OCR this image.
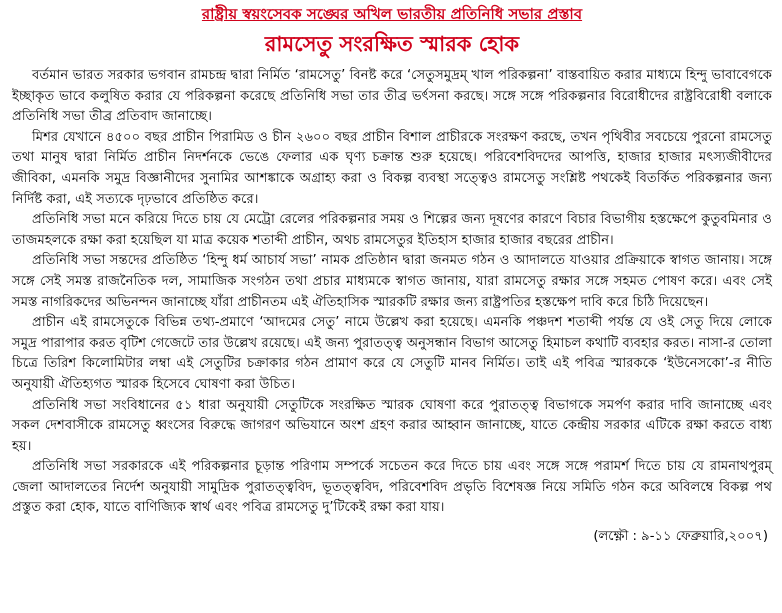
রাষ্ট্রীয় স্বয়ংসেবক সঙ্ঘের অখিল ভারতীয় প্রতিনিধি সভার প্রস্তাব
রামসেতু সংরক্ষিত স্মারক হোক

বর্তমান ভারত সরকার ভগবান রামচন্দ্র দ্বারা নির্মিত ‘রামসেতু’ বিনষ্ট করে ‘সেতুসমুদ্রম্ খাল পরিকল্পনা’ বাস্তবায়িত করার মাধ্যমে হিন্দু ভাবাবেগকে ইচ্ছাকৃত ভাবে কলুষিত করার যে পরিকল্পনা করেছে প্রতিনিধি সভা তার তীব্র ভর্ৎসনা করছে। সঙ্গে সঙ্গে পরিকল্পনার বিরোধীদের রাষ্ট্রবিরোধী বলাকে প্রতিনিধি সভা তীব্র প্রতিবাদ জানাচ্ছে।

মিশর যেখানে ৪৫০০ বছর প্রাচীন পিরামিড ও চীন ২৬০০ বছর প্রাচীন বিশাল প্রাচীরকে সংরক্ষণ করছে, তখন পৃথিবীর সবচেয়ে পুরনো রামসেতু তথা মানুষ দ্বারা নির্মিত প্রাচীন নিদর্শনকে ভেঙে ফেলার এক ঘৃণ্য চক্রান্ত শুরু হয়েছে। পরিবেশবিদদের আপত্তি, হাজার হাজার মৎস্যজীবীদের জীবিকা, এমনকি সমুদ্র বিজ্ঞানীদের সুনামির আশঙ্কাকে অগ্রাহ্য করা ও বিকল্প ব্যবস্থা সত্ত্বেও রামসেতু সংশ্লিষ্ট পথকেই বিতর্কিত পরিকল্পনার জন্য নির্দিষ্ট করা, এই সত্যকে দৃঢ়ভাবে প্রতিষ্ঠিত করে।

প্রতিনিধি সভা মনে করিয়ে দিতে চায় যে মেট্রো রেলের পরিকল্পনার সময় ও শিল্পের জন্য দূষণের কারণে বিচার বিভাগীয় হস্তক্ষেপে কুতুবমিনার ও তাজমহলকে রক্ষা করা হয়েছিল যা মাত্র কয়েক শতাব্দী প্রাচীন, অথচ রামসেতুর ইতিহাস হাজার হাজার বছরের প্রাচীন।

প্রতিনিধি সভা সন্তদের প্রতিষ্ঠিত ‘হিন্দু ধর্ম আচার্য সভা’ নামক প্রতিষ্ঠান দ্বারা জনমত গঠন ও আদালতে যাওয়ার প্রক্রিয়াকে স্বাগত জানায়। সঙ্গে সঙ্গে সেই সমস্ত রাজনৈতিক দল, সামাজিক সংগঠন তথা প্রচার মাধ্যমকে স্বাগত জানায়, যারা রামসেতু রক্ষার সঙ্গে সহমত পোষণ করে। এবং সেই সমস্ত নাগরিকদের অভিনন্দন জানাচ্ছে যাঁরা প্রাচীনতম এই ঐতিহাসিক স্মারকটি রক্ষার জন্য রাষ্ট্রপতির হস্তক্ষেপ দাবি করে চিঠি দিয়েছেন।

প্রাচীন এই রামসেতুকে বিভিন্ন তথ্য-প্রমাণে ‘আদমের সেতু’ নামে উল্লেখ করা হয়েছে। এমনকি পঞ্চদশ শতাব্দী পর্যন্ত যে ওই সেতু দিয়ে লোকে সমুদ্র পারাপার করত বৃটিশ গেজেটে তার উল্লেখ রয়েছে। এই জন্য পুরাতত্ত্ব অনুসন্ধান বিভাগ আসেতু হিমাচল কথাটি ব্যবহার করত। নাসা-র তোলা চিত্রে তিরিশ কিলোমিটার লম্বা এই সেতুটির চক্রাকার গঠন প্রামাণ করে যে সেতুটি মানব নির্মিত। তাই এই পবিত্র স্মারককে ‘ইউনেসকো’-র নীতি অনুযায়ী ঐতিহ্যগত স্মারক হিসেবে ঘোষণা করা উচিত।

প্রতিনিধি সভা সংবিধানের ৫১ ধারা অনুযায়ী সেতুটিকে সংরক্ষিত স্মারক ঘোষণা করে পুরাতত্ত্ব বিভাগকে সমর্পণ করার দাবি জানাচ্ছে এবং সকল দেশবাসীকে রামসেতু ধ্বংসের বিরুদ্ধে জাগরণ অভিযানে অংশ গ্রহণ করার আহ্বান জানাচ্ছে, যাতে কেন্দ্রীয় সরকার এটিকে রক্ষা করতে বাধ্য হয়।

প্রতিনিধি সভা সরকারকে এই পরিকল্পনার চূড়ান্ত পরিণাম সম্পর্কে সচেতন করে দিতে চায় এবং সঙ্গে সঙ্গে পরামর্শ দিতে চায় যে রামনাথপুরম্ জেলা আদালতের নির্দেশ অনুযায়ী সামুদ্রিক পুরাতত্ত্ববিদ, ভূতত্ত্ববিদ, পরিবেশবিদ প্রভৃতি বিশেষজ্ঞ নিয়ে সমিতি গঠন করে অবিলম্বে বিকল্প পথ প্রস্তুত করা হোক, যাতে বাণিজ্যিক স্বার্থ এবং পবিত্র রামসেতু দু’টিকেই রক্ষা করা যায়।

(লক্ষ্ণৌ : ৯-১১ ফেব্রুয়ারি,২০০৭)
